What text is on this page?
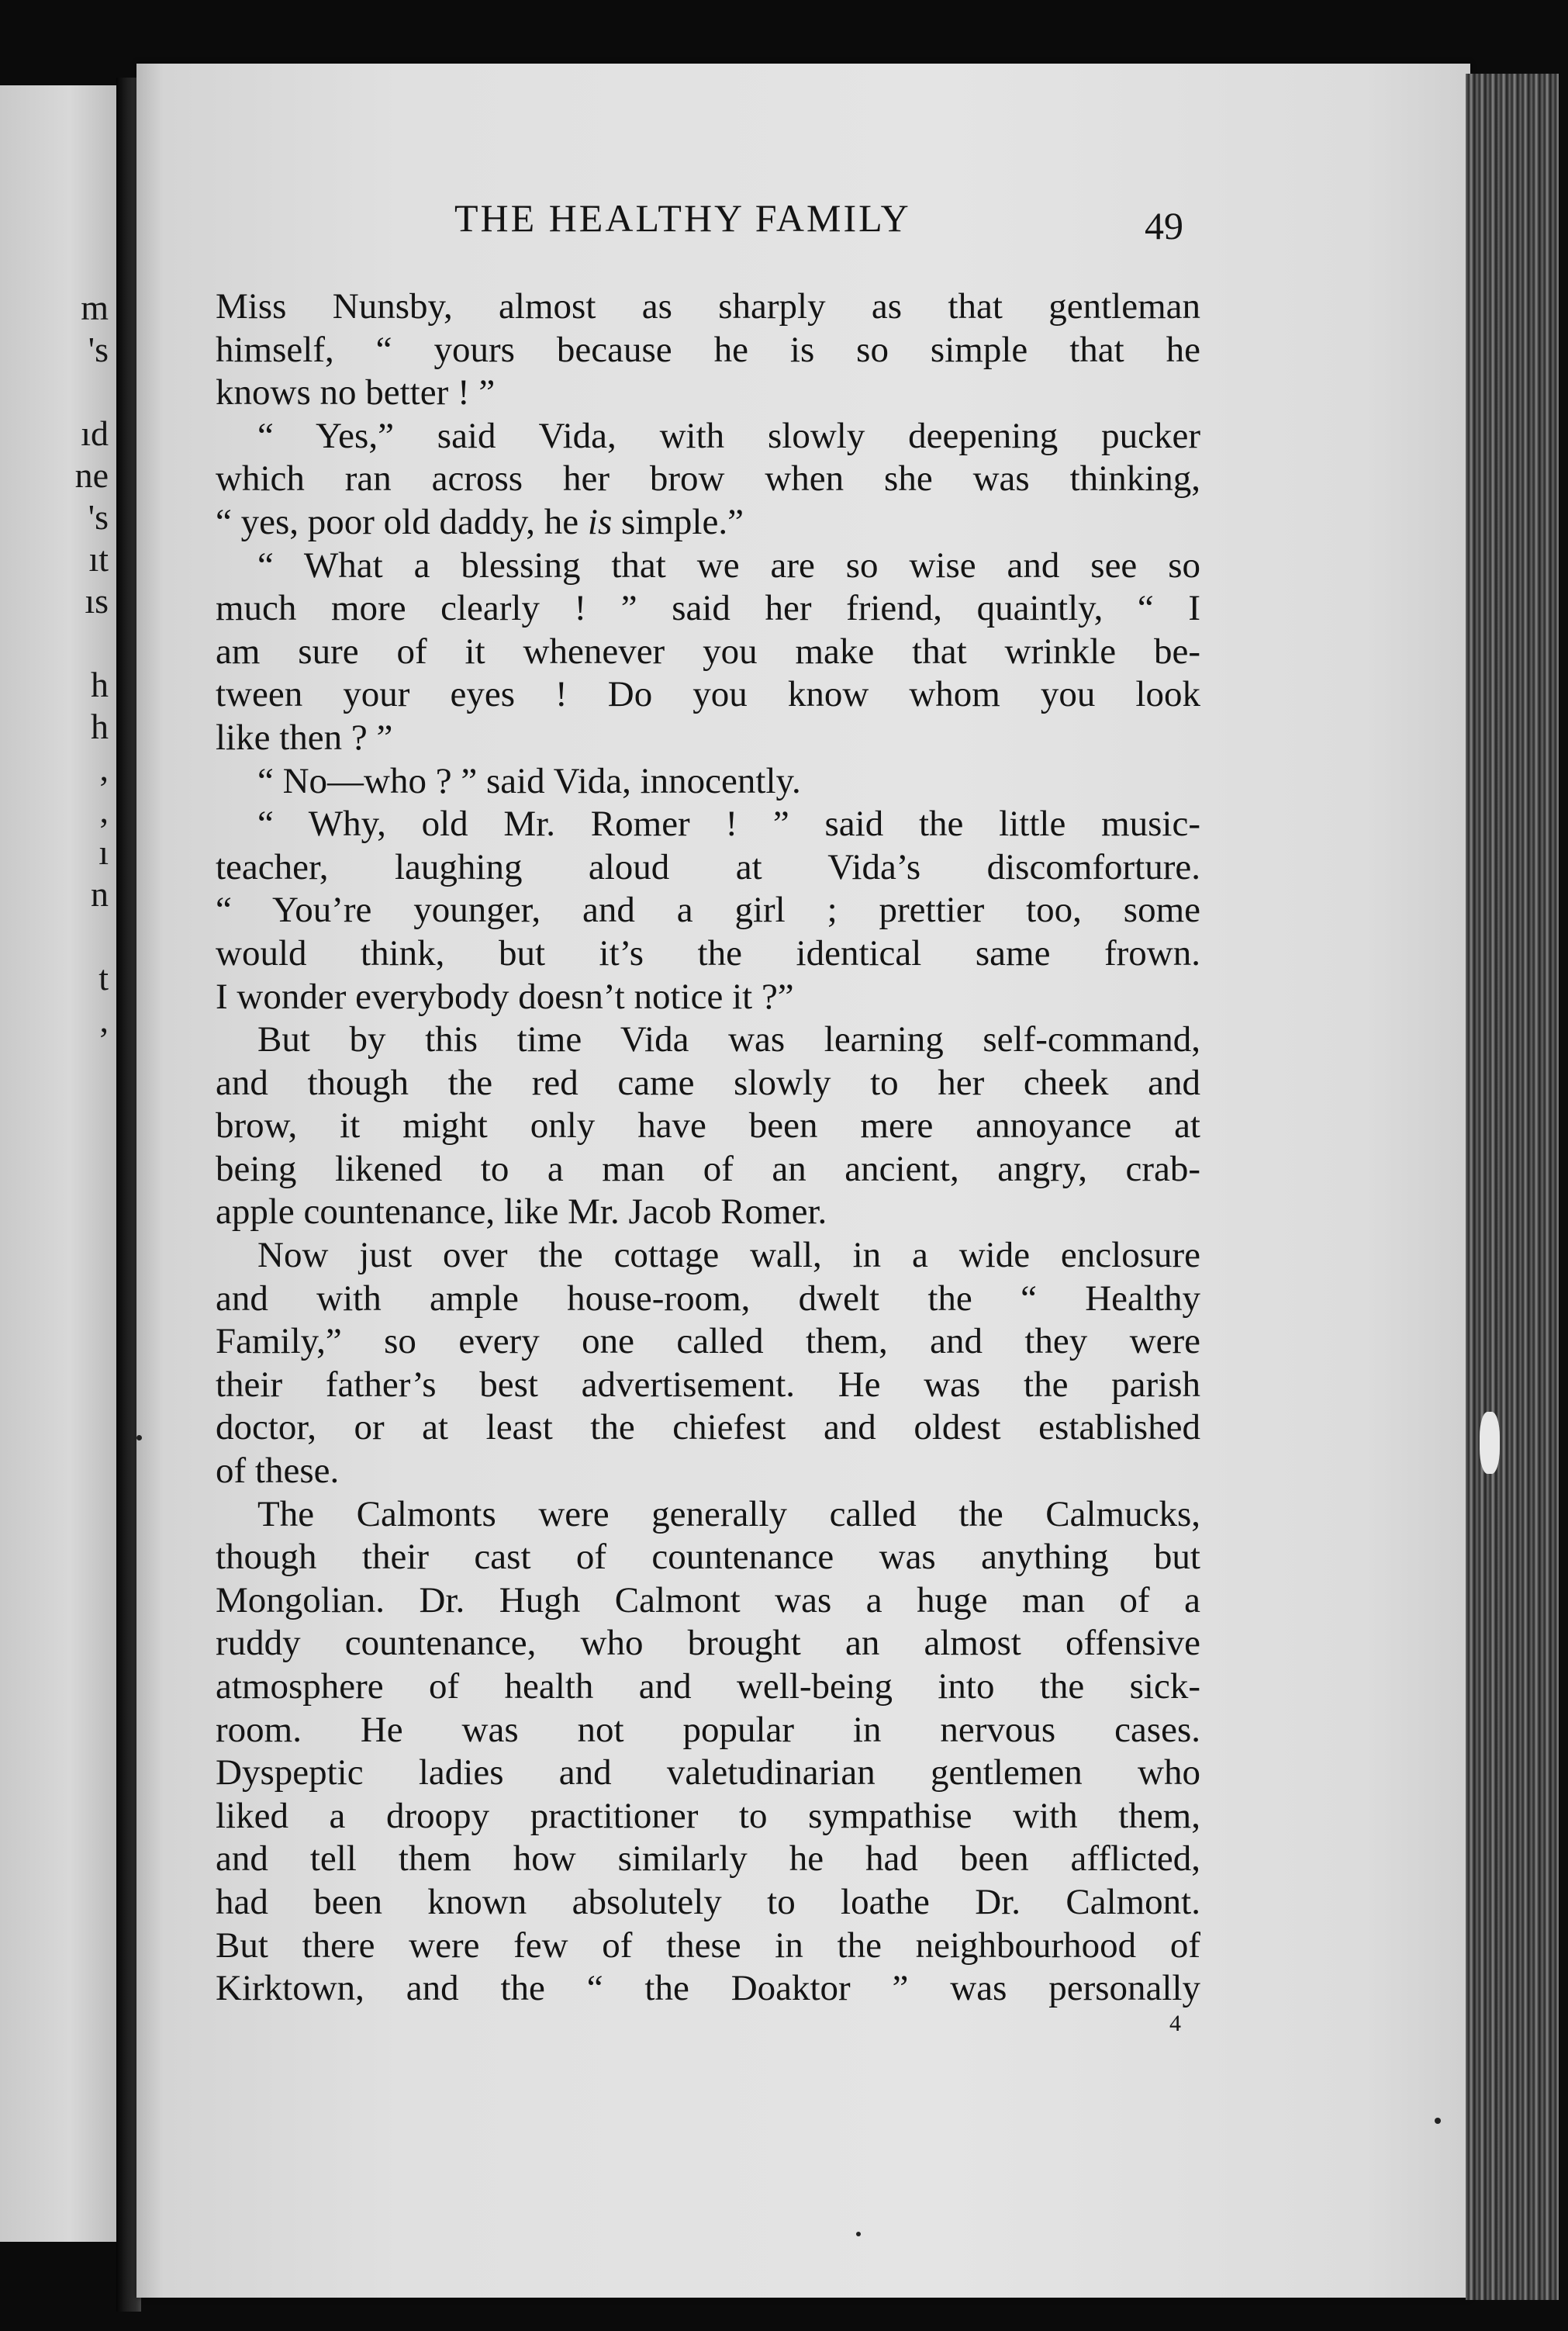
m
's
ıd
ne
's
ıt
ıs
h
h
,
,
ı
n
t
,
THE HEALTHY FAMILY	49
Miss Nunsby, almost as sharply as that gentleman
himself, “ yours because he is so simple that he
knows no better ! ”
“ Yes,” said Vida, with slowly deepening pucker
which ran across her brow when she was thinking,
“ yes, poor old daddy, he is simple.”
“ What a blessing that we are so wise and see so
much more clearly ! ” said her friend, quaintly, “ I
am sure of it whenever you make that wrinkle be-
tween your eyes ! Do you know whom you look
like then ? ”
“ No—who ? ” said Vida, innocently.
“ Why, old Mr. Romer ! ” said the little music-
teacher, laughing aloud at Vida’s discomforture.
“ You’re younger, and a girl ; prettier too, some
would think, but it’s the identical same frown.
I wonder everybody doesn’t notice it ?”
But by this time Vida was learning self-command,
and though the red came slowly to her cheek and
brow, it might only have been mere annoyance at
being likened to a man of an ancient, angry, crab-
apple countenance, like Mr. Jacob Romer.
Now just over the cottage wall, in a wide enclosure
and with ample house-room, dwelt the “ Healthy
Family,” so every one called them, and they were
their father’s best advertisement. He was the parish
doctor, or at least the chiefest and oldest established
of these.
The Calmonts were generally called the Calmucks,
though their cast of countenance was anything but
Mongolian. Dr. Hugh Calmont was a huge man of a
ruddy countenance, who brought an almost offensive
atmosphere of health and well-being into the sick-
room. He was not popular in nervous cases.
Dyspeptic ladies and valetudinarian gentlemen who
liked a droopy practitioner to sympathise with them,
and tell them how similarly he had been afflicted,
had been known absolutely to loathe Dr. Calmont.
But there were few of these in the neighbourhood of
Kirktown, and the “ the Doaktor ” was personally
4
